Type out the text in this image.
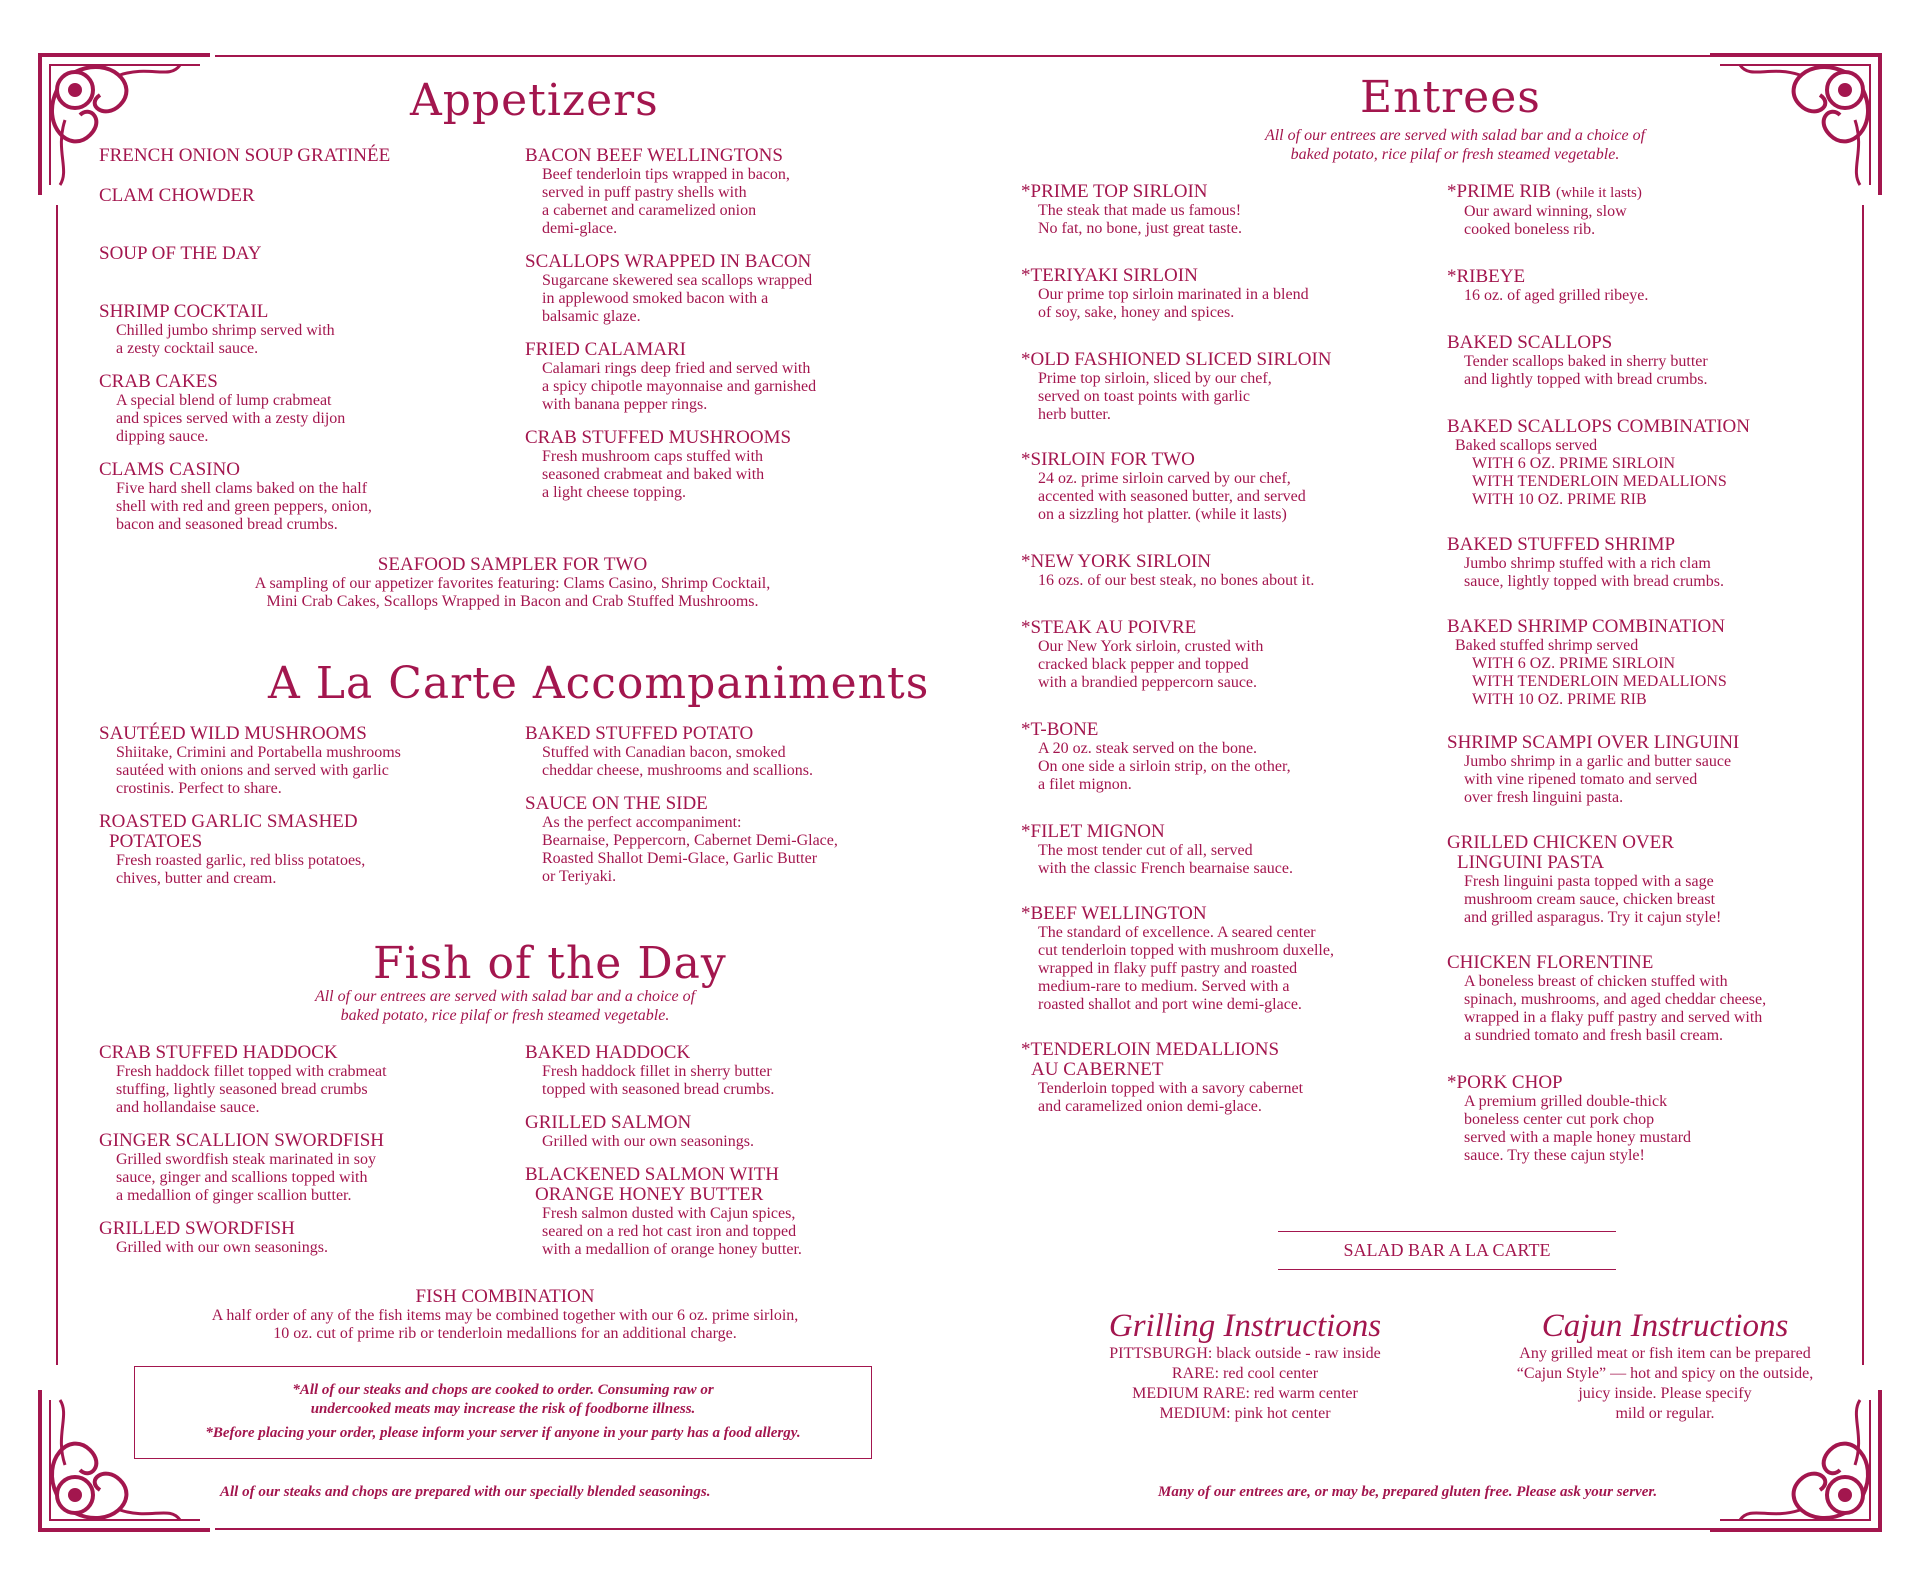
Appetizers
FRENCH ONION SOUP GRATINÉE
CLAM CHOWDER
SOUP OF THE DAY
SHRIMP COCKTAIL
Chilled jumbo shrimp served with
a zesty cocktail sauce.
CRAB CAKES
A special blend of lump crabmeat
and spices served with a zesty dijon
dipping sauce.
CLAMS CASINO
Five hard shell clams baked on the half
shell with red and green peppers, onion,
bacon and seasoned bread crumbs.
BACON BEEF WELLINGTONS
Beef tenderloin tips wrapped in bacon,
served in puff pastry shells with
a cabernet and caramelized onion
demi-glace.
SCALLOPS WRAPPED IN BACON
Sugarcane skewered sea scallops wrapped
in applewood smoked bacon with a
balsamic glaze.
FRIED CALAMARI
Calamari rings deep fried and served with
a spicy chipotle mayonnaise and garnished
with banana pepper rings.
CRAB STUFFED MUSHROOMS
Fresh mushroom caps stuffed with
seasoned crabmeat and baked with
a light cheese topping.
SEAFOOD SAMPLER FOR TWO
A sampling of our appetizer favorites featuring: Clams Casino, Shrimp Cocktail,
Mini Crab Cakes, Scallops Wrapped in Bacon and Crab Stuffed Mushrooms.
A La Carte Accompaniments
SAUTÉED WILD MUSHROOMS
Shiitake, Crimini and Portabella mushrooms
sautéed with onions and served with garlic
crostinis. Perfect to share.
ROASTED GARLIC SMASHED
POTATOES
Fresh roasted garlic, red bliss potatoes,
chives, butter and cream.
BAKED STUFFED POTATO
Stuffed with Canadian bacon, smoked
cheddar cheese, mushrooms and scallions.
SAUCE ON THE SIDE
As the perfect accompaniment:
Bearnaise, Peppercorn, Cabernet Demi-Glace,
Roasted Shallot Demi-Glace, Garlic Butter
or Teriyaki.
Fish of the Day
All of our entrees are served with salad bar and a choice of
baked potato, rice pilaf or fresh steamed vegetable.
CRAB STUFFED HADDOCK
Fresh haddock fillet topped with crabmeat
stuffing, lightly seasoned bread crumbs
and hollandaise sauce.
GINGER SCALLION SWORDFISH
Grilled swordfish steak marinated in soy
sauce, ginger and scallions topped with
a medallion of ginger scallion butter.
GRILLED SWORDFISH
Grilled with our own seasonings.
BAKED HADDOCK
Fresh haddock fillet in sherry butter
topped with seasoned bread crumbs.
GRILLED SALMON
Grilled with our own seasonings.
BLACKENED SALMON WITH
ORANGE HONEY BUTTER
Fresh salmon dusted with Cajun spices,
seared on a red hot cast iron and topped
with a medallion of orange honey butter.
FISH COMBINATION
A half order of any of the fish items may be combined together with our 6 oz. prime sirloin,
10 oz. cut of prime rib or tenderloin medallions for an additional charge.
*All of our steaks and chops are cooked to order. Consuming raw or
undercooked meats may increase the risk of foodborne illness.
*Before placing your order, please inform your server if anyone in your party has a food allergy.
All of our steaks and chops are prepared with our specially blended seasonings.
Entrees
All of our entrees are served with salad bar and a choice of
baked potato, rice pilaf or fresh steamed vegetable.
*PRIME TOP SIRLOIN
The steak that made us famous!
No fat, no bone, just great taste.
*TERIYAKI SIRLOIN
Our prime top sirloin marinated in a blend
of soy, sake, honey and spices.
*OLD FASHIONED SLICED SIRLOIN
Prime top sirloin, sliced by our chef,
served on toast points with garlic
herb butter.
*SIRLOIN FOR TWO
24 oz. prime sirloin carved by our chef,
accented with seasoned butter, and served
on a sizzling hot platter. (while it lasts)
*NEW YORK SIRLOIN
16 ozs. of our best steak, no bones about it.
*STEAK AU POIVRE
Our New York sirloin, crusted with
cracked black pepper and topped
with a brandied peppercorn sauce.
*T-BONE
A 20 oz. steak served on the bone.
On one side a sirloin strip, on the other,
a filet mignon.
*FILET MIGNON
The most tender cut of all, served
with the classic French bearnaise sauce.
*BEEF WELLINGTON
The standard of excellence. A seared center
cut tenderloin topped with mushroom duxelle,
wrapped in flaky puff pastry and roasted
medium-rare to medium. Served with a
roasted shallot and port wine demi-glace.
*TENDERLOIN MEDALLIONS
AU CABERNET
Tenderloin topped with a savory cabernet
and caramelized onion demi-glace.
*PRIME RIB (while it lasts)
Our award winning, slow
cooked boneless rib.
*RIBEYE
16 oz. of aged grilled ribeye.
BAKED SCALLOPS
Tender scallops baked in sherry butter
and lightly topped with bread crumbs.
BAKED SCALLOPS COMBINATION
Baked scallops served
WITH 6 OZ. PRIME SIRLOIN
WITH TENDERLOIN MEDALLIONS
WITH 10 OZ. PRIME RIB
BAKED STUFFED SHRIMP
Jumbo shrimp stuffed with a rich clam
sauce, lightly topped with bread crumbs.
BAKED SHRIMP COMBINATION
Baked stuffed shrimp served
WITH 6 OZ. PRIME SIRLOIN
WITH TENDERLOIN MEDALLIONS
WITH 10 OZ. PRIME RIB
SHRIMP SCAMPI OVER LINGUINI
Jumbo shrimp in a garlic and butter sauce
with vine ripened tomato and served
over fresh linguini pasta.
GRILLED CHICKEN OVER
LINGUINI PASTA
Fresh linguini pasta topped with a sage
mushroom cream sauce, chicken breast
and grilled asparagus. Try it cajun style!
CHICKEN FLORENTINE
A boneless breast of chicken stuffed with
spinach, mushrooms, and aged cheddar cheese,
wrapped in a flaky puff pastry and served with
a sundried tomato and fresh basil cream.
*PORK CHOP
A premium grilled double-thick
boneless center cut pork chop
served with a maple honey mustard
sauce. Try these cajun style!
SALAD BAR A LA CARTE
Grilling Instructions
PITTSBURGH: black outside - raw inside
RARE: red cool center
MEDIUM RARE: red warm center
MEDIUM: pink hot center
Cajun Instructions
Any grilled meat or fish item can be prepared
“Cajun Style” — hot and spicy on the outside,
juicy inside. Please specify
mild or regular.
Many of our entrees are, or may be, prepared gluten free. Please ask your server.
